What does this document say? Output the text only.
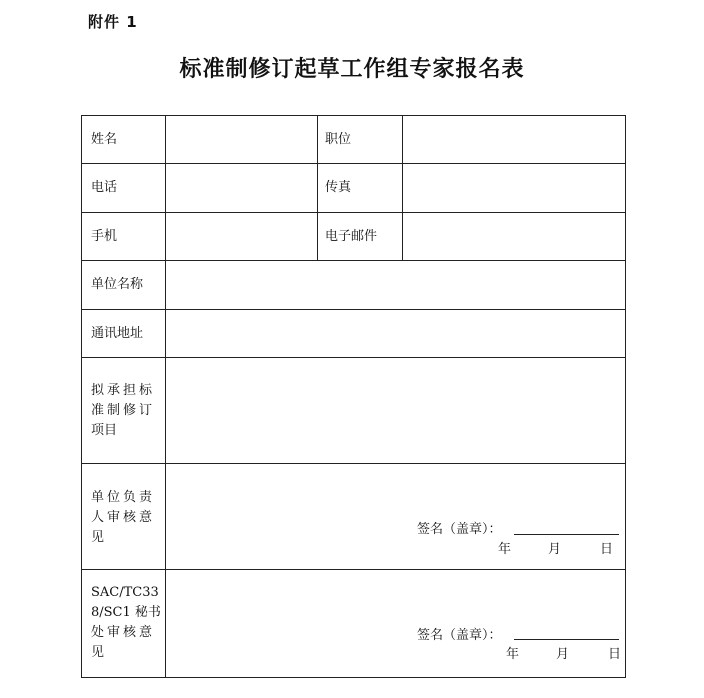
附件 1
标准制修订起草工作组专家报名表
姓名	职位
电话	传真
手机	电子邮件
单位名称
通讯地址
拟承担标
准制修订
项目
单位负责
人审核意
见
签名（盖章）：
年	月	日
SAC/TC33
8/SC1 秘书
处审核意
见
签名（盖章）：
年	月	日
